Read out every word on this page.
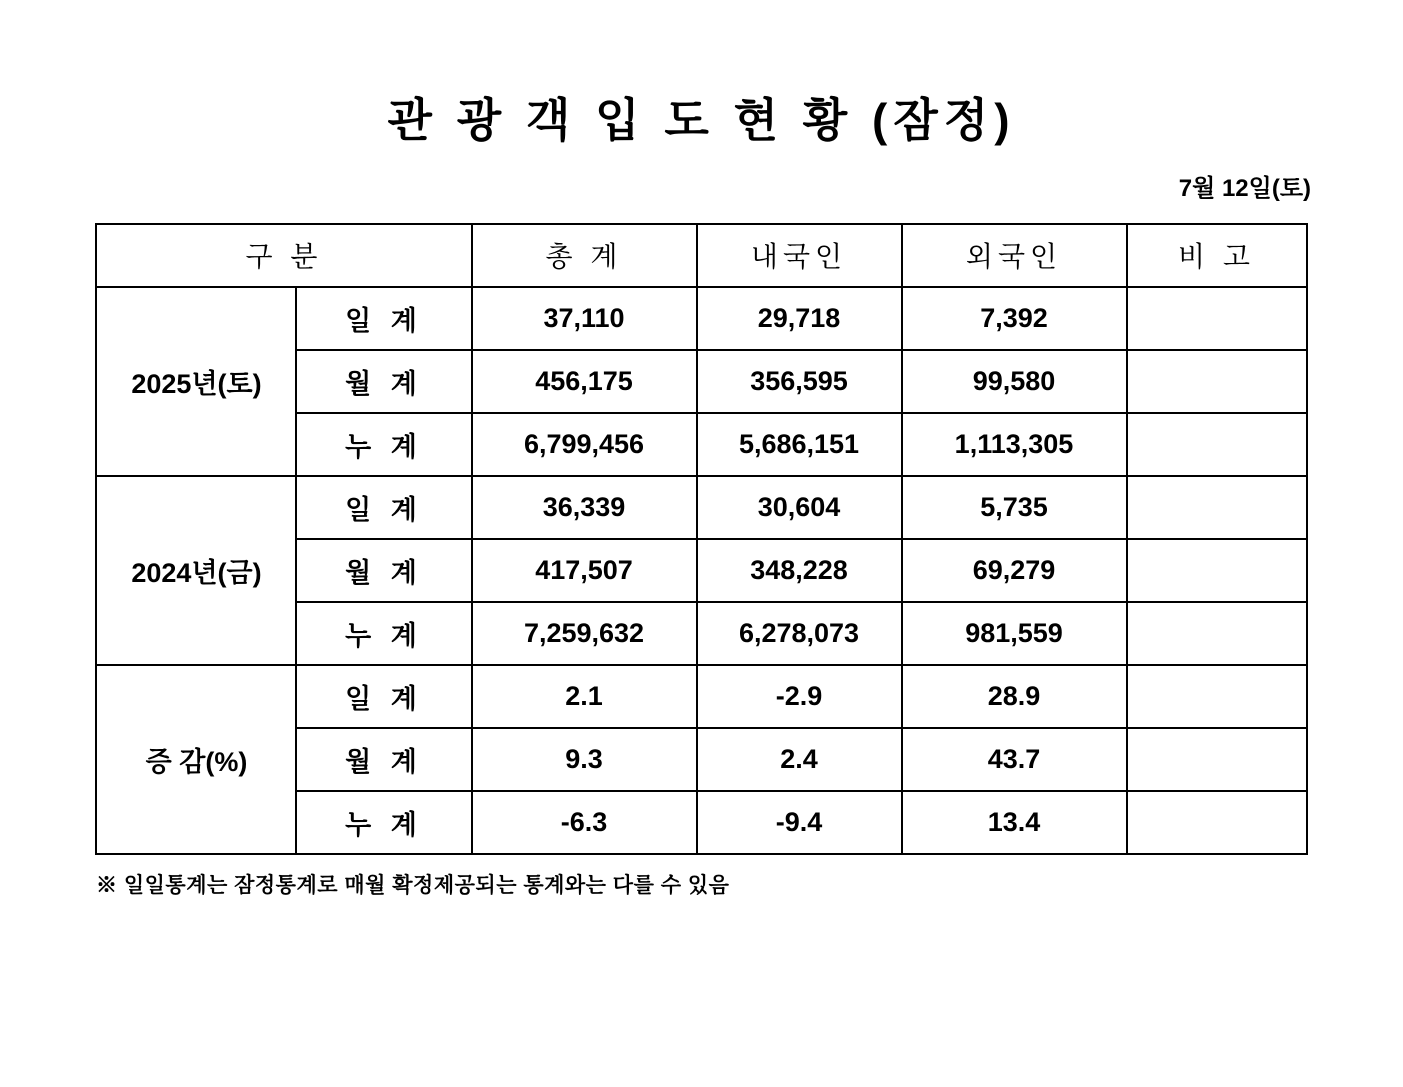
관 광 객 입 도 현 황 (잠정)
7월 12일(토)
구 분		총 계	내국인	외국인	비 고
2025년(토)	일 계	37,110	29,718	7,392	
	월 계	456,175	356,595	99,580	
	누 계	6,799,456	5,686,151	1,113,305	
2024년(금)	일 계	36,339	30,604	5,735	
	월 계	417,507	348,228	69,279	
	누 계	7,259,632	6,278,073	981,559	
증 감(%)	일 계	2.1	-2.9	28.9	
	월 계	9.3	2.4	43.7	
	누 계	-6.3	-9.4	13.4	
※ 일일통계는 잠정통계로 매월 확정제공되는 통계와는 다를 수 있음
